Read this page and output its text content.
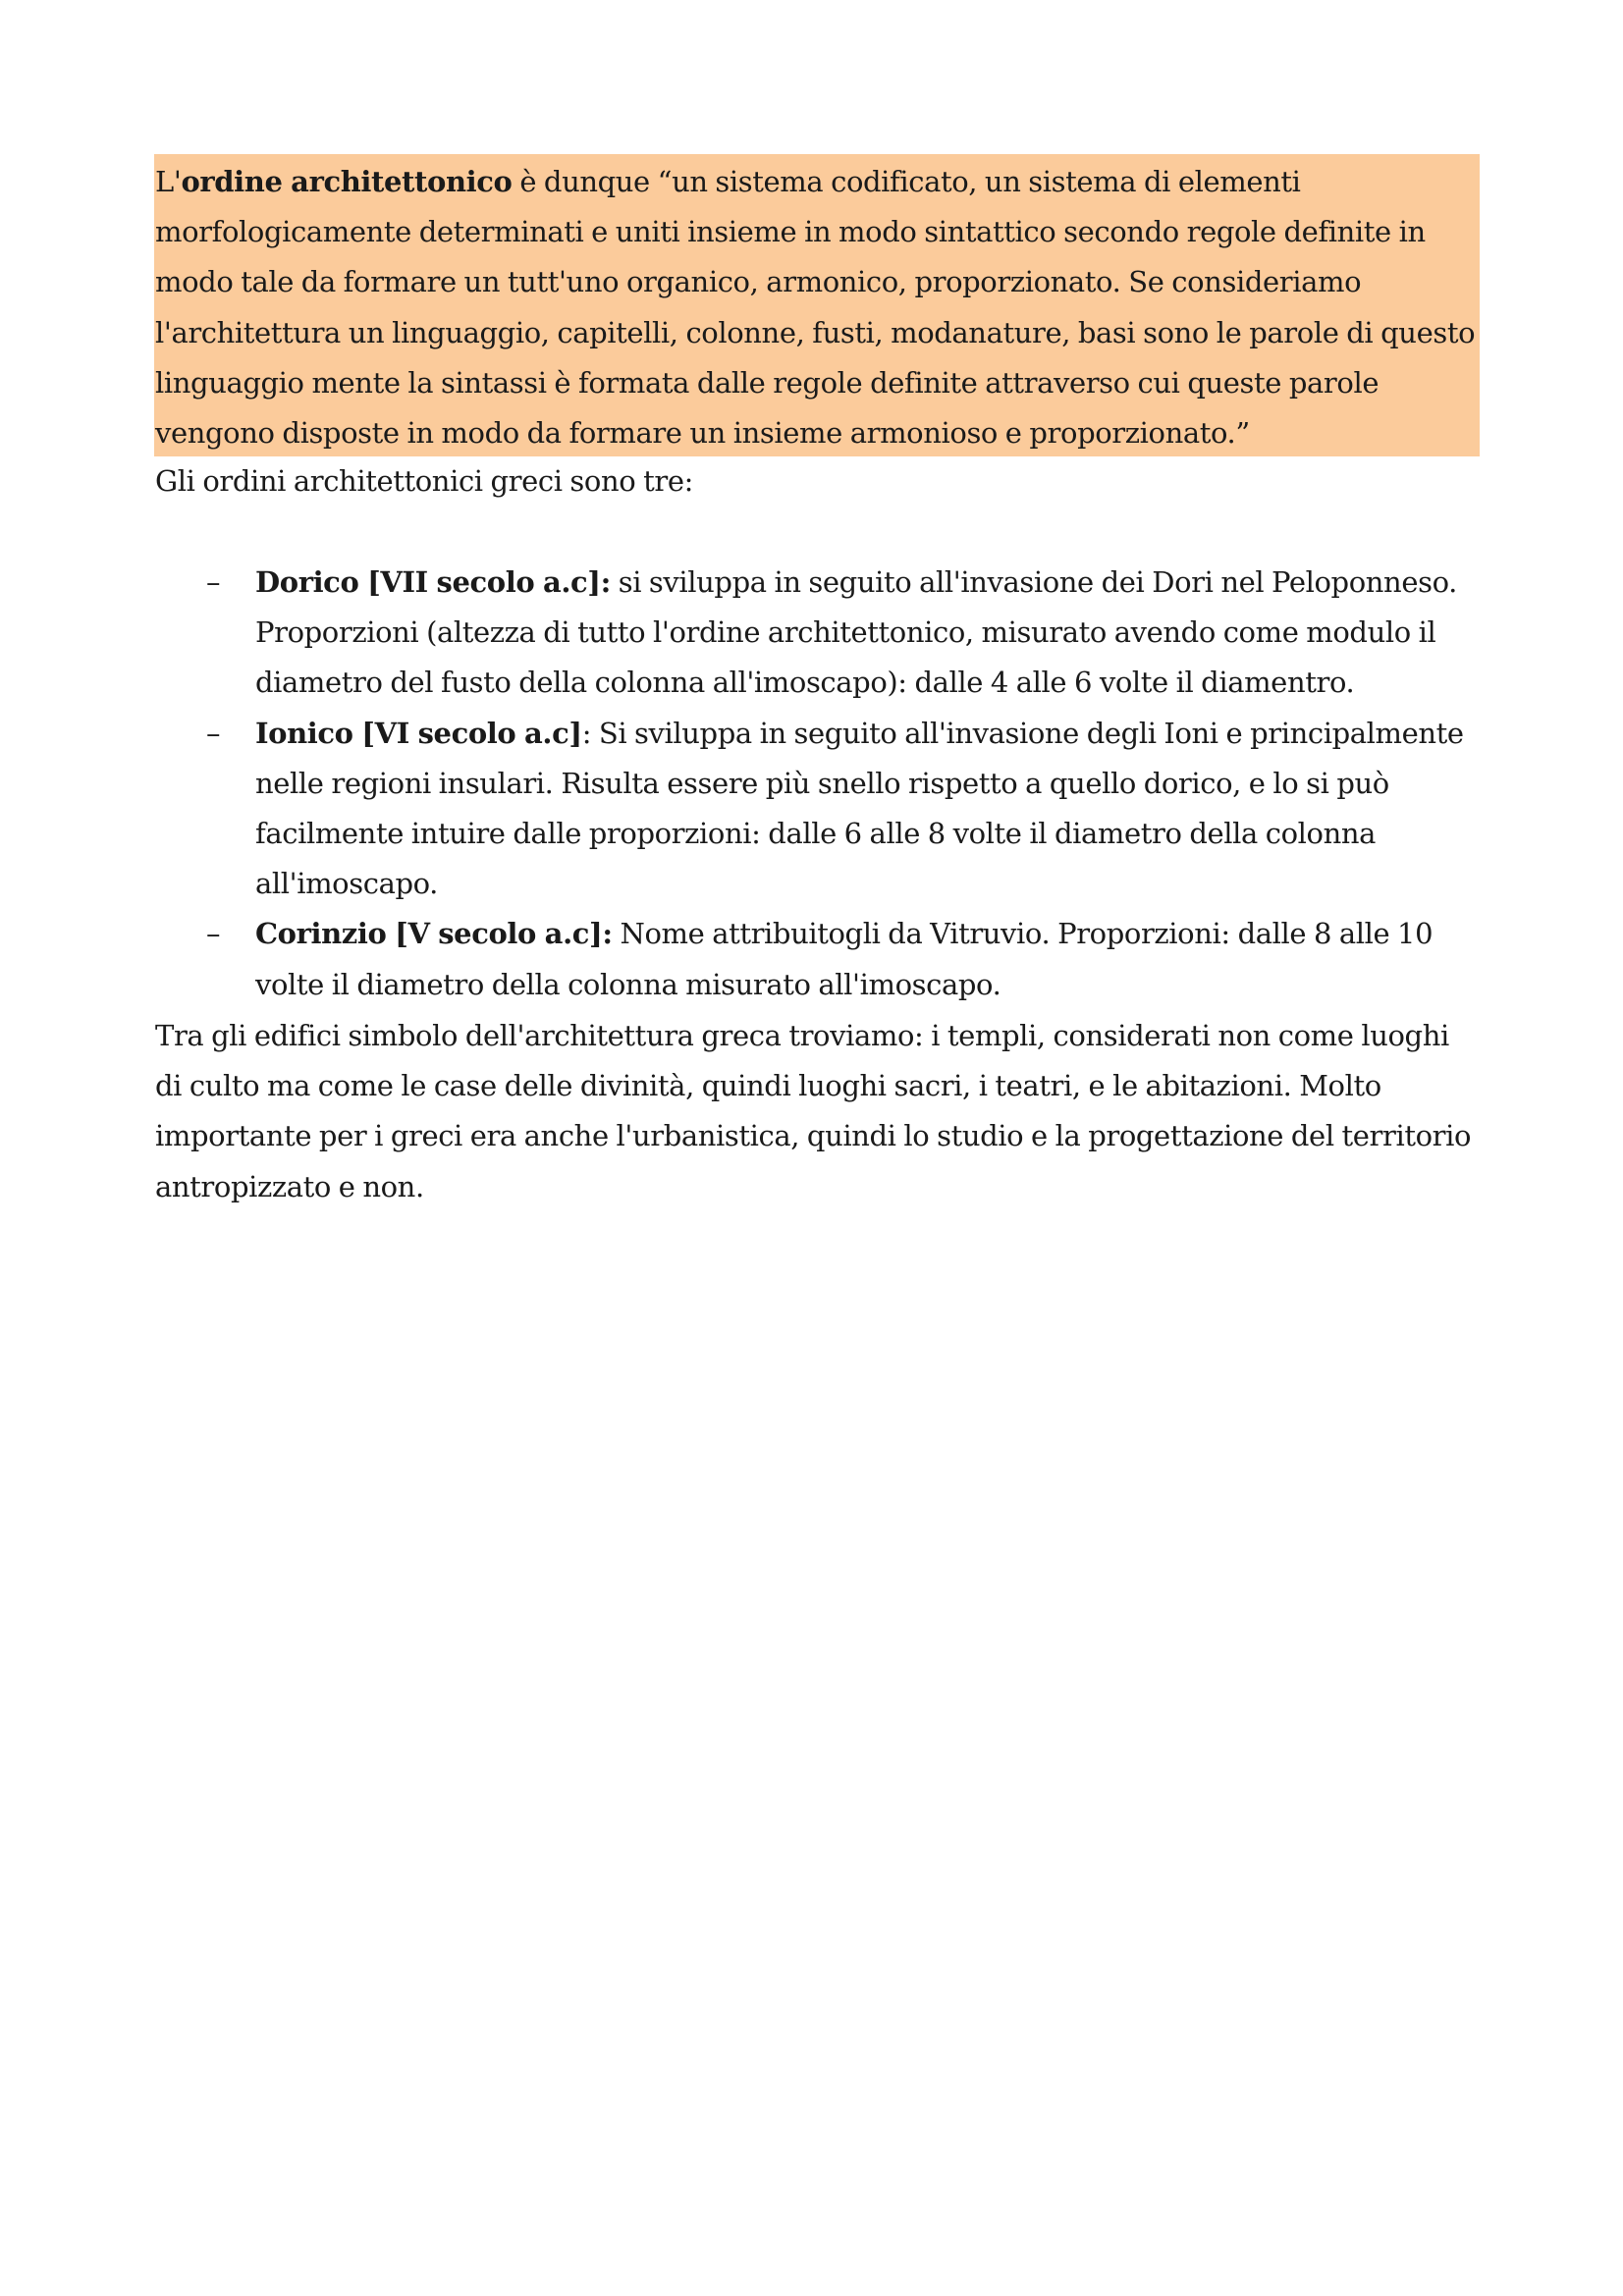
L'ordine architettonico è dunque “un sistema codificato, un sistema di elementi morfologicamente determinati e uniti insieme in modo sintattico secondo regole definite in modo tale da formare un tutt'uno organico, armonico, proporzionato. Se consideriamo l'architettura un linguaggio, capitelli, colonne, fusti, modanature, basi sono le parole di questo linguaggio mente la sintassi è formata dalle regole definite attraverso cui queste parole vengono disposte in modo da formare un insieme armonioso e proporzionato.”

Gli ordini architettonici greci sono tre:

– Dorico [VII secolo a.c]: si sviluppa in seguito all'invasione dei Dori nel Peloponneso. Proporzioni (altezza di tutto l'ordine architettonico, misurato avendo come modulo il diametro del fusto della colonna all'imoscapo): dalle 4 alle 6 volte il diamentro.
– Ionico [VI secolo a.c]: Si sviluppa in seguito all'invasione degli Ioni e principalmente nelle regioni insulari. Risulta essere più snello rispetto a quello dorico, e lo si può facilmente intuire dalle proporzioni: dalle 6 alle 8 volte il diametro della colonna all'imoscapo.
– Corinzio [V secolo a.c]: Nome attribuitogli da Vitruvio. Proporzioni: dalle 8 alle 10 volte il diametro della colonna misurato all'imoscapo.

Tra gli edifici simbolo dell'architettura greca troviamo: i templi, considerati non come luoghi di culto ma come le case delle divinità, quindi luoghi sacri, i teatri, e le abitazioni. Molto importante per i greci era anche l'urbanistica, quindi lo studio e la progettazione del territorio antropizzato e non.
